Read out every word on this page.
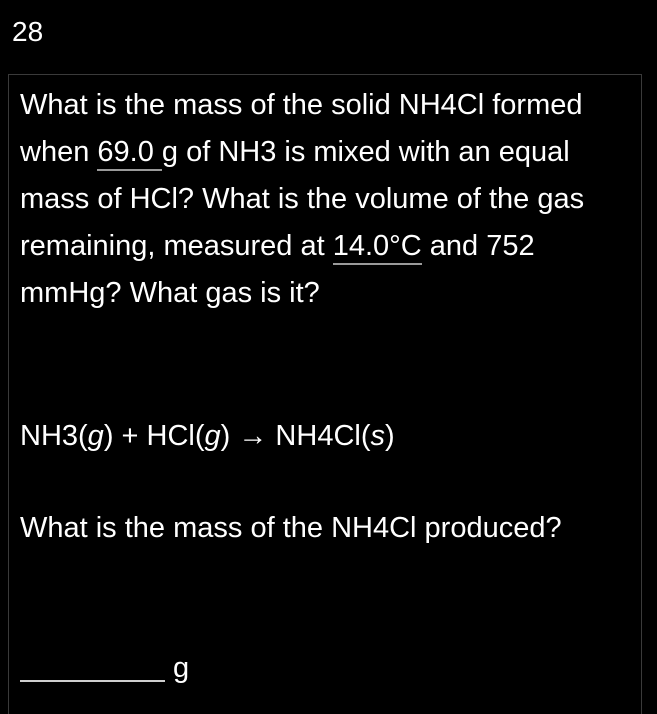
28

What is the mass of the solid NH4Cl formed when 69.0 g of NH3 is mixed with an equal mass of HCl? What is the volume of the gas remaining, measured at 14.0°C and 752 mmHg? What gas is it?

NH3(g) + HCl(g) → NH4Cl(s)

What is the mass of the NH4Cl produced?

g
